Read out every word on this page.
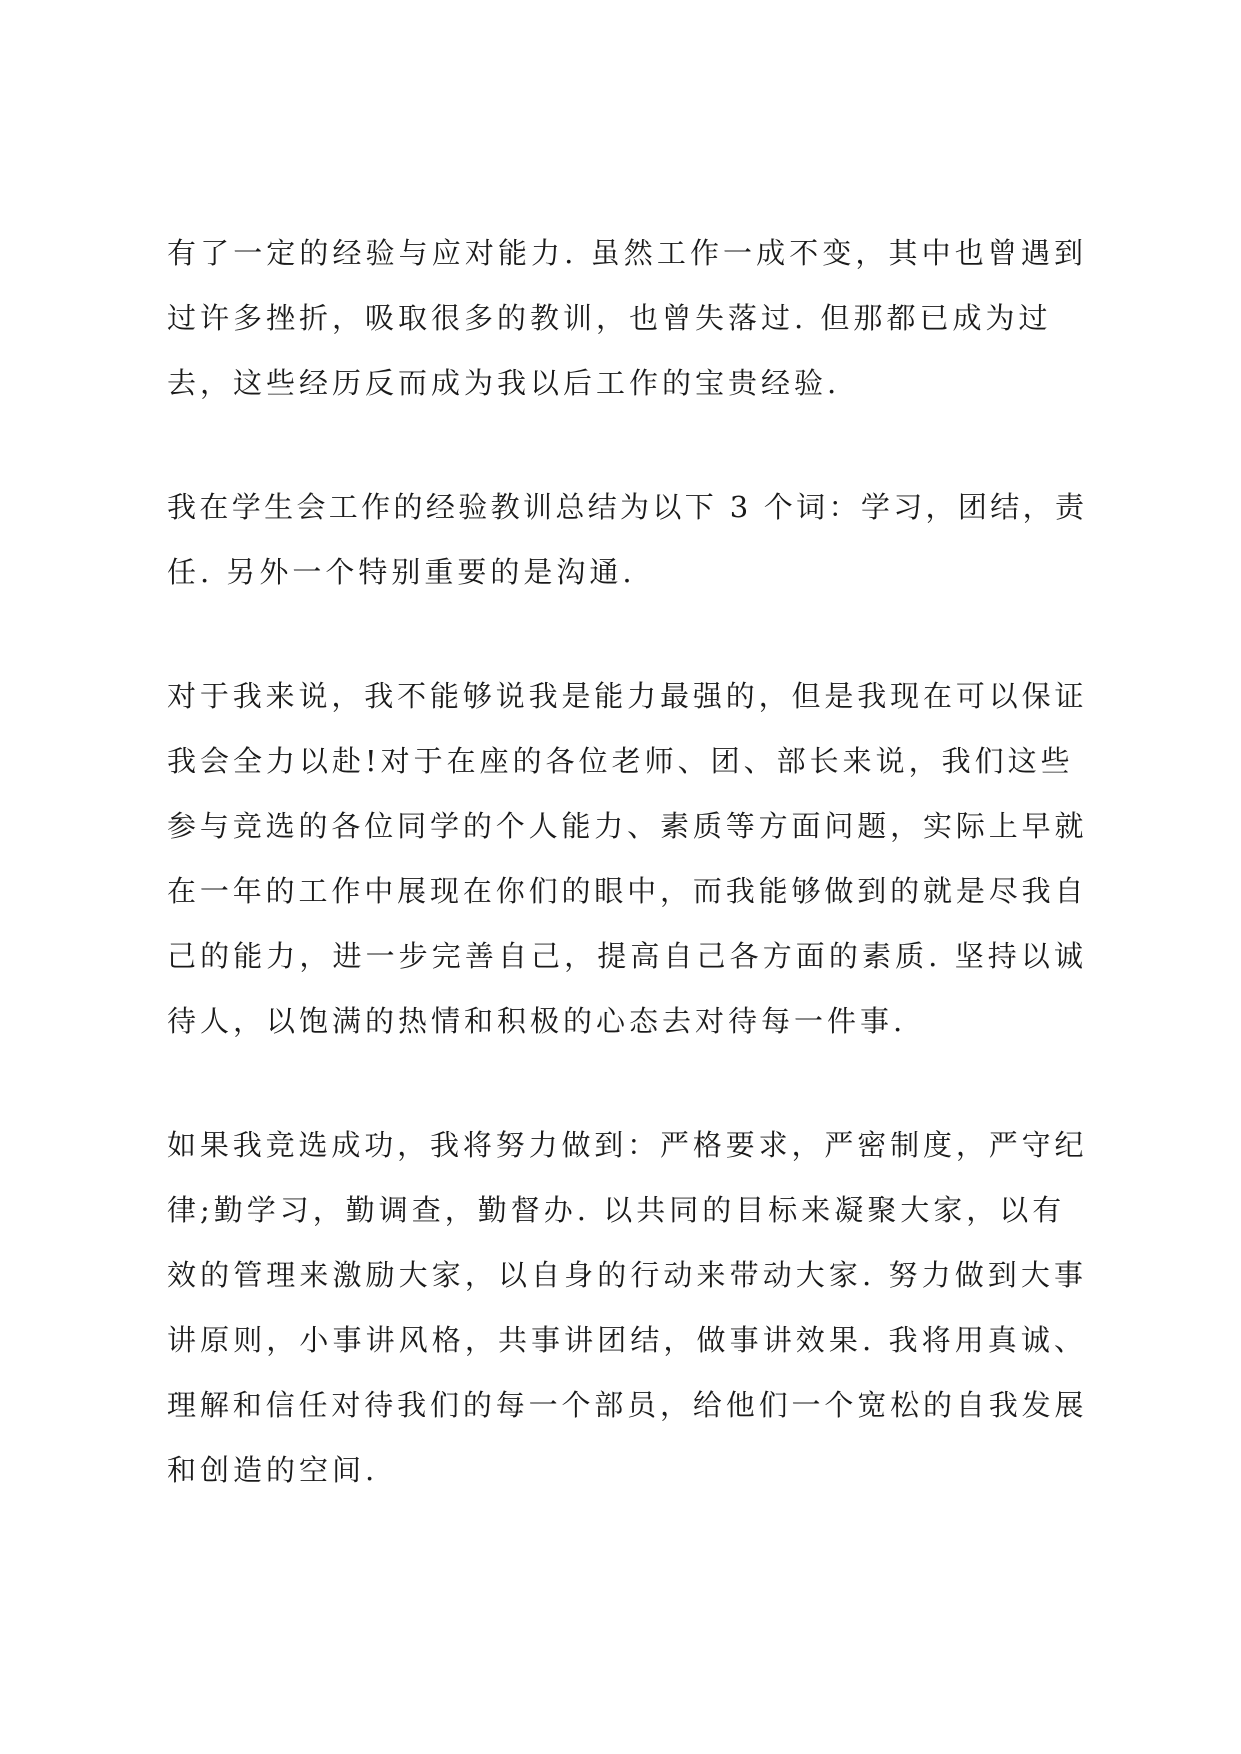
有了一定的经验与应对能力. 虽然工作一成不变，其中也曾遇到
过许多挫折，吸取很多的教训，也曾失落过. 但那都已成为过
去，这些经历反而成为我以后工作的宝贵经验.
我在学生会工作的经验教训总结为以下 3 个词：学习，团结，责
任. 另外一个特别重要的是沟通.
对于我来说，我不能够说我是能力最强的，但是我现在可以保证
我会全力以赴!对于在座的各位老师、团、部长来说，我们这些
参与竞选的各位同学的个人能力、素质等方面问题，实际上早就
在一年的工作中展现在你们的眼中，而我能够做到的就是尽我自
己的能力，进一步完善自己，提高自己各方面的素质. 坚持以诚
待人，以饱满的热情和积极的心态去对待每一件事.
如果我竞选成功，我将努力做到：严格要求，严密制度，严守纪
律;勤学习，勤调查，勤督办. 以共同的目标来凝聚大家，以有
效的管理来激励大家，以自身的行动来带动大家. 努力做到大事
讲原则，小事讲风格，共事讲团结，做事讲效果. 我将用真诚、
理解和信任对待我们的每一个部员，给他们一个宽松的自我发展
和创造的空间.
